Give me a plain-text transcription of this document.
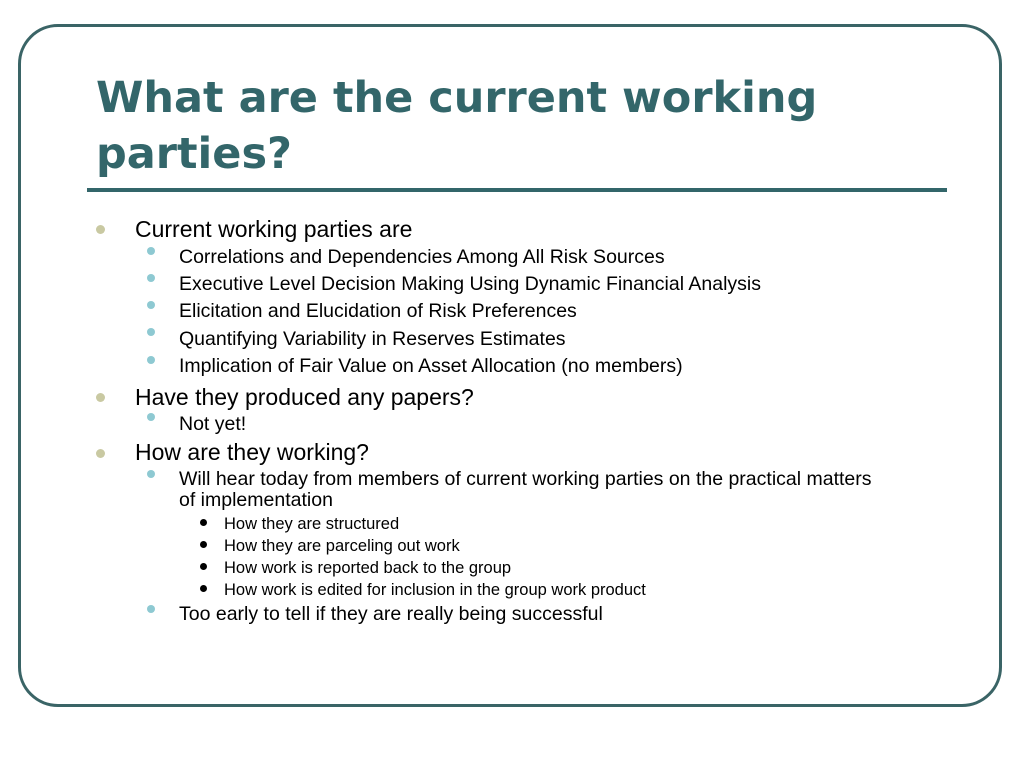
What are the current working parties?
Current working parties are
Correlations and Dependencies Among All Risk Sources
Executive Level Decision Making Using Dynamic Financial Analysis
Elicitation and Elucidation of Risk Preferences
Quantifying Variability in Reserves Estimates
Implication of Fair Value on Asset Allocation (no members)
Have they produced any papers?
Not yet!
How are they working?
Will hear today from members of current working parties on the practical matters of implementation
How they are structured
How they are parceling out work
How work is reported back to the group
How work is edited for inclusion in the group work product
Too early to tell if they are really being successful
